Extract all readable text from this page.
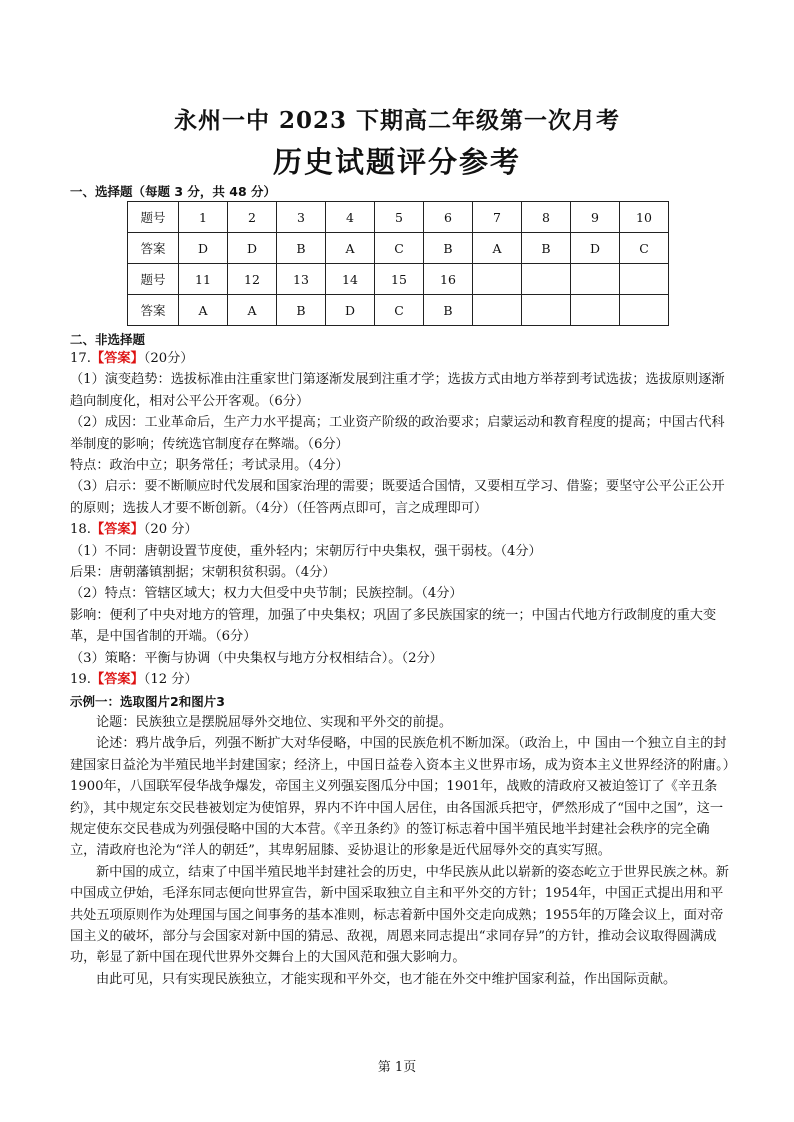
永州一中 2023 下期高二年级第一次月考
历史试题评分参考
一、选择题（每题 3 分，共 48 分）
题号	1	2	3	4	5	6	7	8	9	10
答案	D	D	B	A	C	B	A	B	D	C
题号	11	12	13	14	15	16				
答案	A	A	B	D	C	B				
二、非选择题

17.【答案】（20分）

（1）演变趋势：选拔标准由注重家世门第逐渐发展到注重才学；选拔方式由地方举荐到考试选拔；选拔原则逐渐趋向制度化，相对公平公开客观。（6分）

（2）成因：工业革命后，生产力水平提高；工业资产阶级的政治要求；启蒙运动和教育程度的提高；中国古代科举制度的影响；传统选官制度存在弊端。（6分）

特点：政治中立；职务常任；考试录用。（4分）

（3）启示：要不断顺应时代发展和国家治理的需要；既要适合国情，又要相互学习、借鉴；要坚守公平公正公开的原则；选拔人才要不断创新。（4分）（任答两点即可，言之成理即可）

18.【答案】（20 分）

（1）不同：唐朝设置节度使，重外轻内；宋朝厉行中央集权，强干弱枝。（4分）

后果：唐朝藩镇割据；宋朝积贫积弱。（4分）

（2）特点：管辖区域大；权力大但受中央节制；民族控制。（4分）

影响：便利了中央对地方的管理，加强了中央集权；巩固了多民族国家的统一；中国古代地方行政制度的重大变革，是中国省制的开端。（6分）

（3）策略：平衡与协调（中央集权与地方分权相结合）。（2分）

19.【答案】（12 分）

示例一：选取图片2和图片3

论题：民族独立是摆脱屈辱外交地位、实现和平外交的前提。

论述：鸦片战争后，列强不断扩大对华侵略，中国的民族危机不断加深。（政治上，中 国由一个独立自主的封建国家日益沦为半殖民地半封建国家；经济上，中国日益卷入资本主义世界市场，成为资本主义世界经济的附庸。）1900年，八国联军侵华战争爆发，帝国主义列强妄图瓜分中国；1901年，战败的清政府又被迫签订了《辛丑条约》，其中规定东交民巷被划定为使馆界，界内不许中国人居住，由各国派兵把守，俨然形成了“国中之国”，这一规定使东交民巷成为列强侵略中国的大本营。《辛丑条约》的签订标志着中国半殖民地半封建社会秩序的完全确立，清政府也沦为“洋人的朝廷”，其卑躬屈膝、妥协退让的形象是近代屈辱外交的真实写照。

新中国的成立，结束了中国半殖民地半封建社会的历史，中华民族从此以崭新的姿态屹立于世界民族之林。新中国成立伊始，毛泽东同志便向世界宣告，新中国采取独立自主和平外交的方针；1954年，中国正式提出用和平共处五项原则作为处理国与国之间事务的基本准则，标志着新中国外交走向成熟；1955年的万隆会议上，面对帝国主义的破坏，部分与会国家对新中国的猜忌、敌视，周恩来同志提出“求同存异”的方针，推动会议取得圆满成功，彰显了新中国在现代世界外交舞台上的大国风范和强大影响力。

由此可见，只有实现民族独立，才能实现和平外交，也才能在外交中维护国家利益，作出国际贡献。

第 1页
